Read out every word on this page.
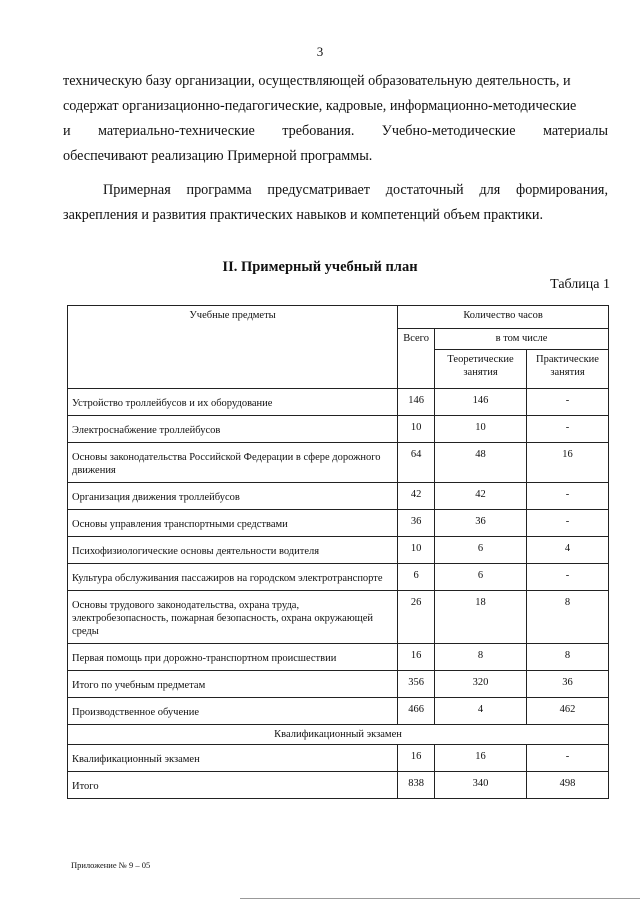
3
техническую базу организации, осуществляющей образовательную деятельность, и
содержат организационно-педагогические, кадровые, информационно-методические
и материально-технические требования. Учебно-методические материалы
обеспечивают реализацию Примерной программы.
Примерная программа предусматривает достаточный для формирования, закрепления и развития практических навыков и компетенций объем практики.
II. Примерный учебный план
Таблица 1
Учебные предметы	Количество часов		
	Всего	в том числе	
		Теоретические занятия	Практические занятия
Устройство троллейбусов и их оборудование	146	146	-
Электроснабжение троллейбусов	10	10	-
Основы законодательства Российской Федерации в сфере дорожного движения	64	48	16
Организация движения троллейбусов	42	42	-
Основы управления транспортными средствами	36	36	-
Психофизиологические основы деятельности водителя	10	6	4
Культура обслуживания пассажиров на городском электротранспорте	6	6	-
Основы трудового законодательства, охрана труда, электробезопасность, пожарная безопасность, охрана окружающей среды	26	18	8
Первая помощь при дорожно-транспортном происшествии	16	8	8
Итого по учебным предметам	356	320	36
Производственное обучение	466	4	462
Квалификационный экзамен			
Квалификационный экзамен	16	16	-
Итого	838	340	498
Приложение № 9 – 05
